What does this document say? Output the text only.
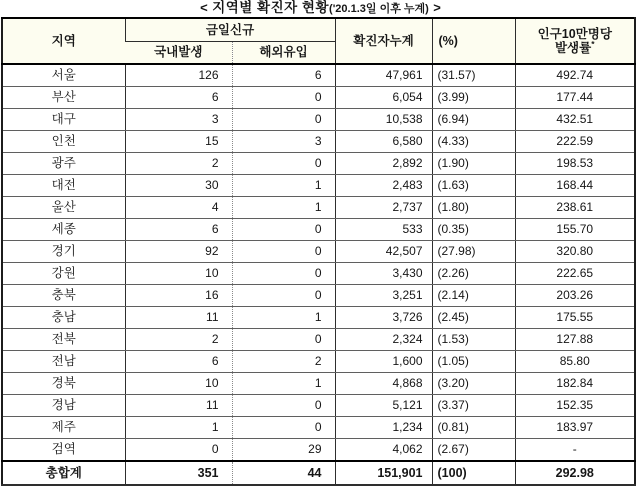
< 지역별 확진자 현황('20.1.3일 이후 누계) >
지역	금일신규		확진자누계	(%)	인구10만명당
발생률*
	국내발생	해외유입			
서울	126	6	47,961	(31.57)	492.74
부산	6	0	6,054	(3.99)	177.44
대구	3	0	10,538	(6.94)	432.51
인천	15	3	6,580	(4.33)	222.59
광주	2	0	2,892	(1.90)	198.53
대전	30	1	2,483	(1.63)	168.44
울산	4	1	2,737	(1.80)	238.61
세종	6	0	533	(0.35)	155.70
경기	92	0	42,507	(27.98)	320.80
강원	10	0	3,430	(2.26)	222.65
충북	16	0	3,251	(2.14)	203.26
충남	11	1	3,726	(2.45)	175.55
전북	2	0	2,324	(1.53)	127.88
전남	6	2	1,600	(1.05)	85.80
경북	10	1	4,868	(3.20)	182.84
경남	11	0	5,121	(3.37)	152.35
제주	1	0	1,234	(0.81)	183.97
검역	0	29	4,062	(2.67)	-
총합계	351	44	151,901	(100)	292.98
